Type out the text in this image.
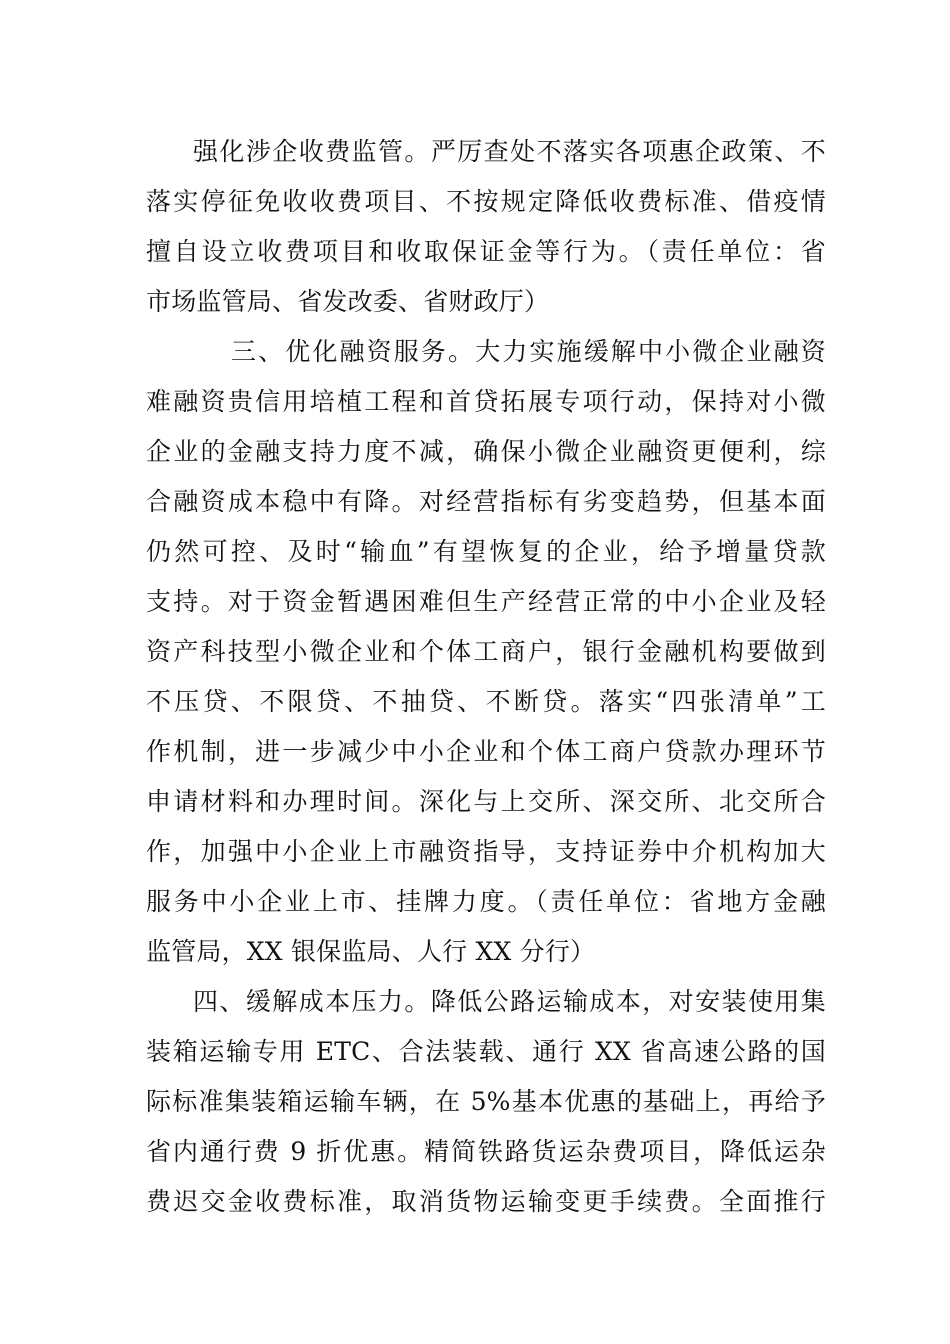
强化涉企收费监管。严厉查处不落实各项惠企政策、不
落实停征免收收费项目、不按规定降低收费标准、借疫情
擅自设立收费项目和收取保证金等行为。（责任单位：省
市场监管局、省发改委、省财政厅）
三、优化融资服务。大力实施缓解中小微企业融资
难融资贵信用培植工程和首贷拓展专项行动，保持对小微
企业的金融支持力度不减，确保小微企业融资更便利，综
合融资成本稳中有降。对经营指标有劣变趋势，但基本面
仍然可控、及时“输血”有望恢复的企业，给予增量贷款
支持。对于资金暂遇困难但生产经营正常的中小企业及轻
资产科技型小微企业和个体工商户，银行金融机构要做到
不压贷、不限贷、不抽贷、不断贷。落实“四张清单”工
作机制，进一步减少中小企业和个体工商户贷款办理环节
申请材料和办理时间。深化与上交所、深交所、北交所合
作，加强中小企业上市融资指导，支持证券中介机构加大
服务中小企业上市、挂牌力度。（责任单位：省地方金融
监管局，XX 银保监局、人行 XX 分行）
四、缓解成本压力。降低公路运输成本，对安装使用集
装箱运输专用 ETC、合法装载、通行 XX 省高速公路的国
际标准集装箱运输车辆，在 5%基本优惠的基础上，再给予
省内通行费 9 折优惠。精简铁路货运杂费项目，降低运杂
费迟交金收费标准，取消货物运输变更手续费。全面推行
